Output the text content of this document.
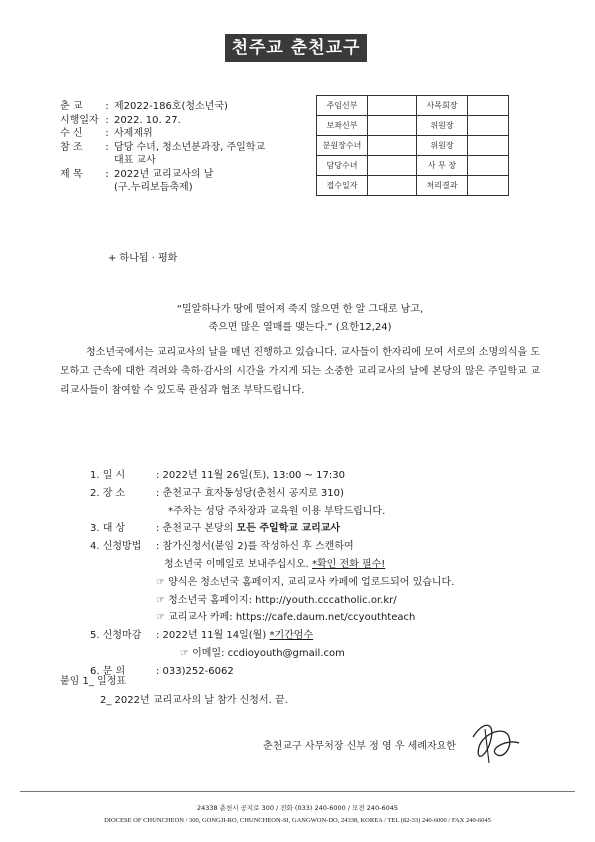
천주교 춘천교구
춘 교	: 제2022-186호(청소년국)
시행일자 : 2022. 10. 27.
수 신	: 사제제위
참 조	: 담당 수녀, 청소년분과장, 주일학교
대표 교사
제 목	: 2022년 교리교사의 날
(구.누리보듬축제)
주임신부		사목회장	
보좌신부		위원장	
분원장수녀		위원장	
담당수녀		사 무 장	
접수일자		처리결과	
+ 하나됨 · 평화
“밀알하나가 땅에 떨어져 죽지 않으면 한 알 그대로 남고,
죽으면 많은 열매를 맺는다.” (요한12,24)
청소년국에서는 교리교사의 날을 매년 진행하고 있습니다. 교사들이 한자리에 모여 서로의 소명의식을 도모하고 근속에 대한 격려와 축하·감사의 시간을 가지게 되는 소중한 교리교사의 날에 본당의 많은 주일학교 교리교사들이 참여할 수 있도록 관심과 협조 부탁드립니다.
1. 일 시	: 2022년 11월 26일(토), 13:00 ~ 17:30
2. 장 소	: 춘천교구 효자동성당(춘천시 공지로 310)
*주차는 성당 주차장과 교육원 이용 부탁드립니다.
3. 대 상	: 춘천교구 본당의 모든 주일학교 교리교사
4. 신청방법 : 참가신청서(붙임 2)를 작성하신 후 스캔하여
청소년국 이메일로 보내주십시오. *확인 전화 필수!
☞ 양식은 청소년국 홈페이지, 교리교사 카페에 업로드되어 있습니다.
☞ 청소년국 홈페이지: http://youth.cccatholic.or.kr/
☞ 교리교사 카페: https://cafe.daum.net/ccyouthteach
5. 신청마감 : 2022년 11월 14일(월) *기간엄수
☞ 이메일: ccdioyouth@gmail.com
6. 문 의	: 033)252-6062
붙임 1_ 일정표
2_ 2022년 교리교사의 날 참가 신청서. 끝.
춘천교구 사무처장 신부 정 영 우 세례자요한
24338 춘천시 공지로 300 / 전화 (033) 240-6000 / 모전 240-6045
DIOCESE OF CHUNCHEON / 300, GONGJI-RO, CHUNCHEON-SI, GANGWON-DO, 24338, KOREA / TEL (82-33) 240-6000 / FAX 240-6045
